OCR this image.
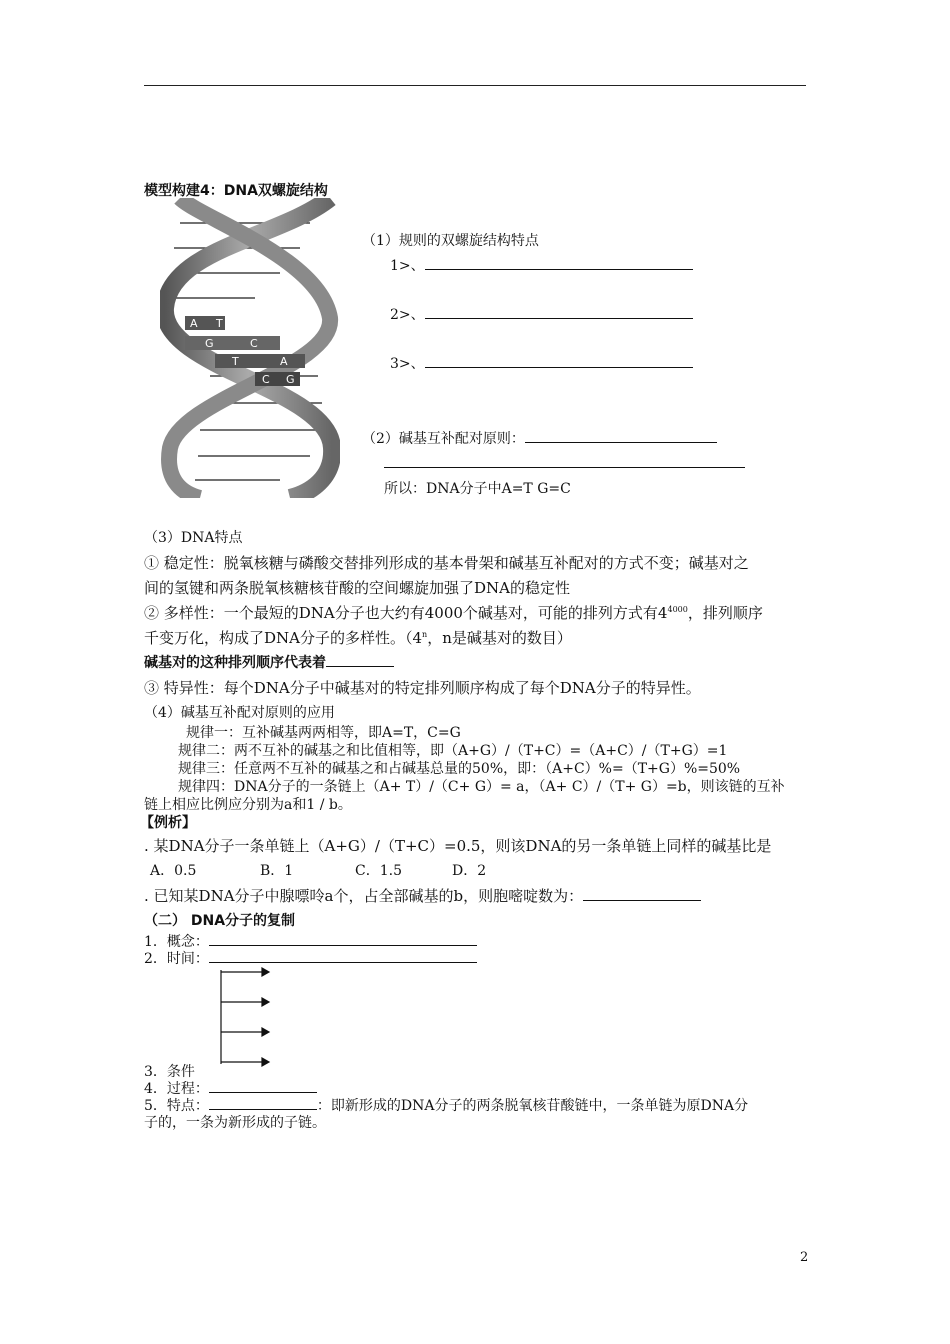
模型构建4：DNA双螺旋结构
A T
G	C
T	A
C G
（1）规则的双螺旋结构特点
1>、
2>、
3>、
（2）碱基互补配对原则：
所以：DNA分子中A=T G=C
（3）DNA特点
① 稳定性：脱氧核糖与磷酸交替排列形成的基本骨架和碱基互补配对的方式不变；碱基对之
间的氢键和两条脱氧核糖核苷酸的空间螺旋加强了DNA的稳定性
② 多样性：一个最短的DNA分子也大约有4000个碱基对，可能的排列方式有$4^{4000}$，排列顺序
千变万化，构成了DNA分子的多样性。（4$^n$，n是碱基对的数目）
碱基对的这种排列顺序代表着
③ 特异性：每个DNA分子中碱基对的特定排列顺序构成了每个DNA分子的特异性。
（4）碱基互补配对原则的应用
规律一：互补碱基两两相等，即A=T，C=G
规律二：两不互补的碱基之和比值相等，即（A+G）/（T+C）=（A+C）/（T+G）=1
规律三：任意两不互补的碱基之和占碱基总量的50%，即：（A+C）%=（T+G）%=50%
规律四：DNA分子的一条链上（A+ T）/（C+ G）= a，（A+ C）/（T+ G）=b，则该链的互补
链上相应比例应分别为a和1 / b。
【例析】
. 某DNA分子一条单链上（A+G）/（T+C）=0.5，则该DNA的另一条单链上同样的碱基比是
A．0.5	B．1	C．1.5	D．2
. 已知某DNA分子中腺嘌呤a个，占全部碱基的b，则胞嘧啶数为：
（二） DNA分子的复制
1．概念：
2．时间：
3．条件
4．过程：
5．特点：	：即新形成的DNA分子的两条脱氧核苷酸链中，一条单链为原DNA分
子的，一条为新形成的子链。
2
